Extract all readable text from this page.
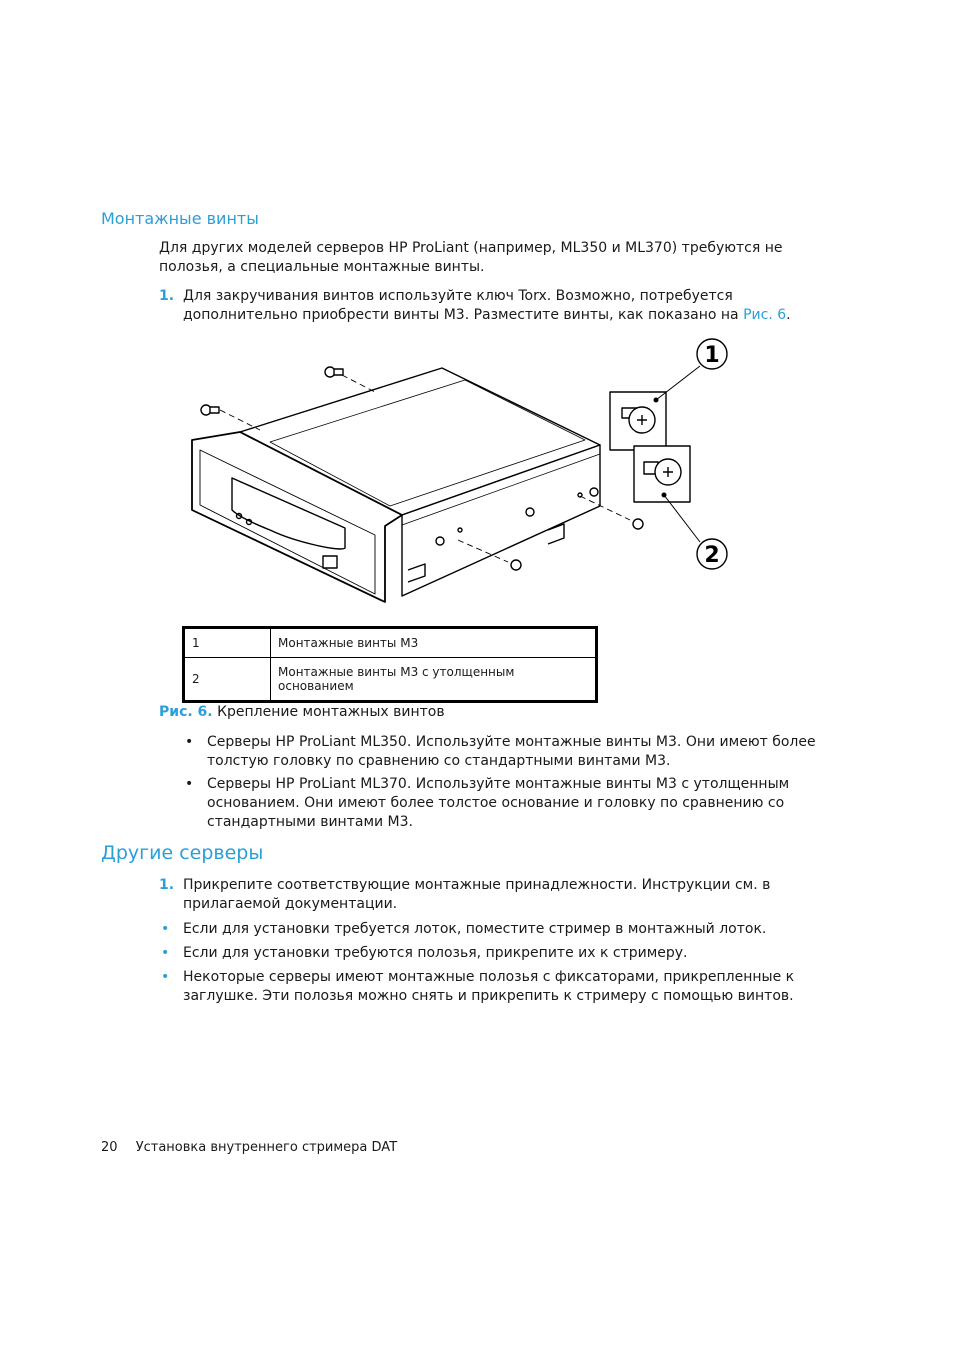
Монтажные винты
Для других моделей серверов HP ProLiant (например, ML350 и ML370) требуются не полозья, а специальные монтажные винты.
1. Для закручивания винтов используйте ключ Torx. Возможно, потребуется дополнительно приобрести винты M3. Разместите винты, как показано на Рис. 6.
1
2
1	Монтажные винты M3
2	Монтажные винты M3 с утолщенным основанием
Рис. 6. Крепление монтажных винтов
• Серверы HP ProLiant ML350. Используйте монтажные винты M3. Они имеют более толстую головку по сравнению со стандартными винтами M3.
• Серверы HP ProLiant ML370. Используйте монтажные винты M3 с утолщенным основанием. Они имеют более толстое основание и головку по сравнению со стандартными винтами M3.
Другие серверы
1. Прикрепите соответствующие монтажные принадлежности. Инструкции см. в прилагаемой документации.
• Если для установки требуется лоток, поместите стример в монтажный лоток.
• Если для установки требуются полозья, прикрепите их к стримеру.
• Некоторые серверы имеют монтажные полозья с фиксаторами, прикрепленные к заглушке. Эти полозья можно снять и прикрепить к стримеру с помощью винтов.
20 Установка внутреннего стримера DAT
